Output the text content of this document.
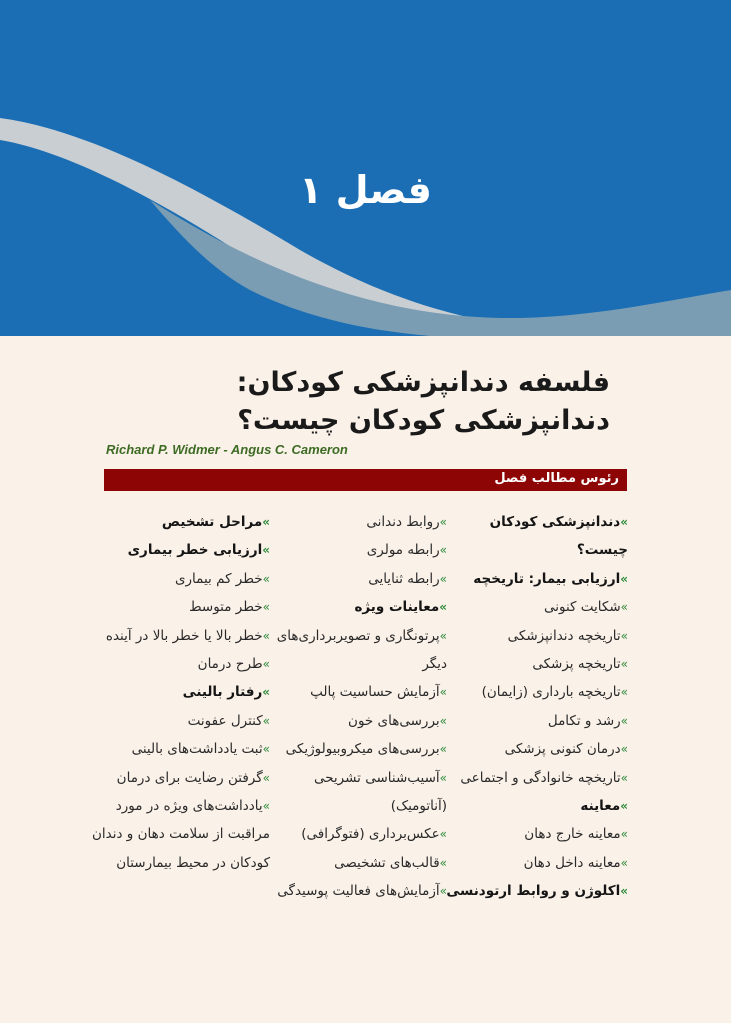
فصل ۱
فلسفه دندانپزشکی کودکان: دندانپزشکی کودکان چیست؟
Richard P. Widmer - Angus C. Cameron
رئوس مطالب فصل
»دندانپزشکی کودکان
چیست؟
»ارزیابی بیمار: تاریخچه
»شکایت کنونی
»تاریخچه دندانپزشکی
»تاریخچه پزشکی
»تاریخچه بارداری (زایمان)
»رشد و تکامل
»درمان کنونی پزشکی
»تاریخچه خانوادگی و اجتماعی
»معاینه
»معاینه خارج دهان
»معاینه داخل دهان
»اکلوژن و روابط ارتودنسی
»روابط دندانی
»رابطه مولری
»رابطه ثنایایی
»معاینات ویژه
»پرتونگاری و تصویربرداری‌های
دیگر
»آزمایش حساسیت پالپ
»بررسی‌های خون
»بررسی‌های میکروبیولوژیکی
»آسیب‌شناسی تشریحی
(آناتومیک)
»عکس‌برداری (فتوگرافی)
»قالب‌های تشخیصی
»آزمایش‌های فعالیت پوسیدگی
»مراحل تشخیص
»ارزیابی خطر بیماری
»خطر کم بیماری
»خطر متوسط
»خطر بالا یا خطر بالا در آینده
»طرح درمان
»رفتار بالینی
»کنترل عفونت
»ثبت یادداشت‌های بالینی
»گرفتن رضایت برای درمان
»یادداشت‌های ویژه در مورد
مراقبت از سلامت دهان و دندان
کودکان در محیط بیمارستان
